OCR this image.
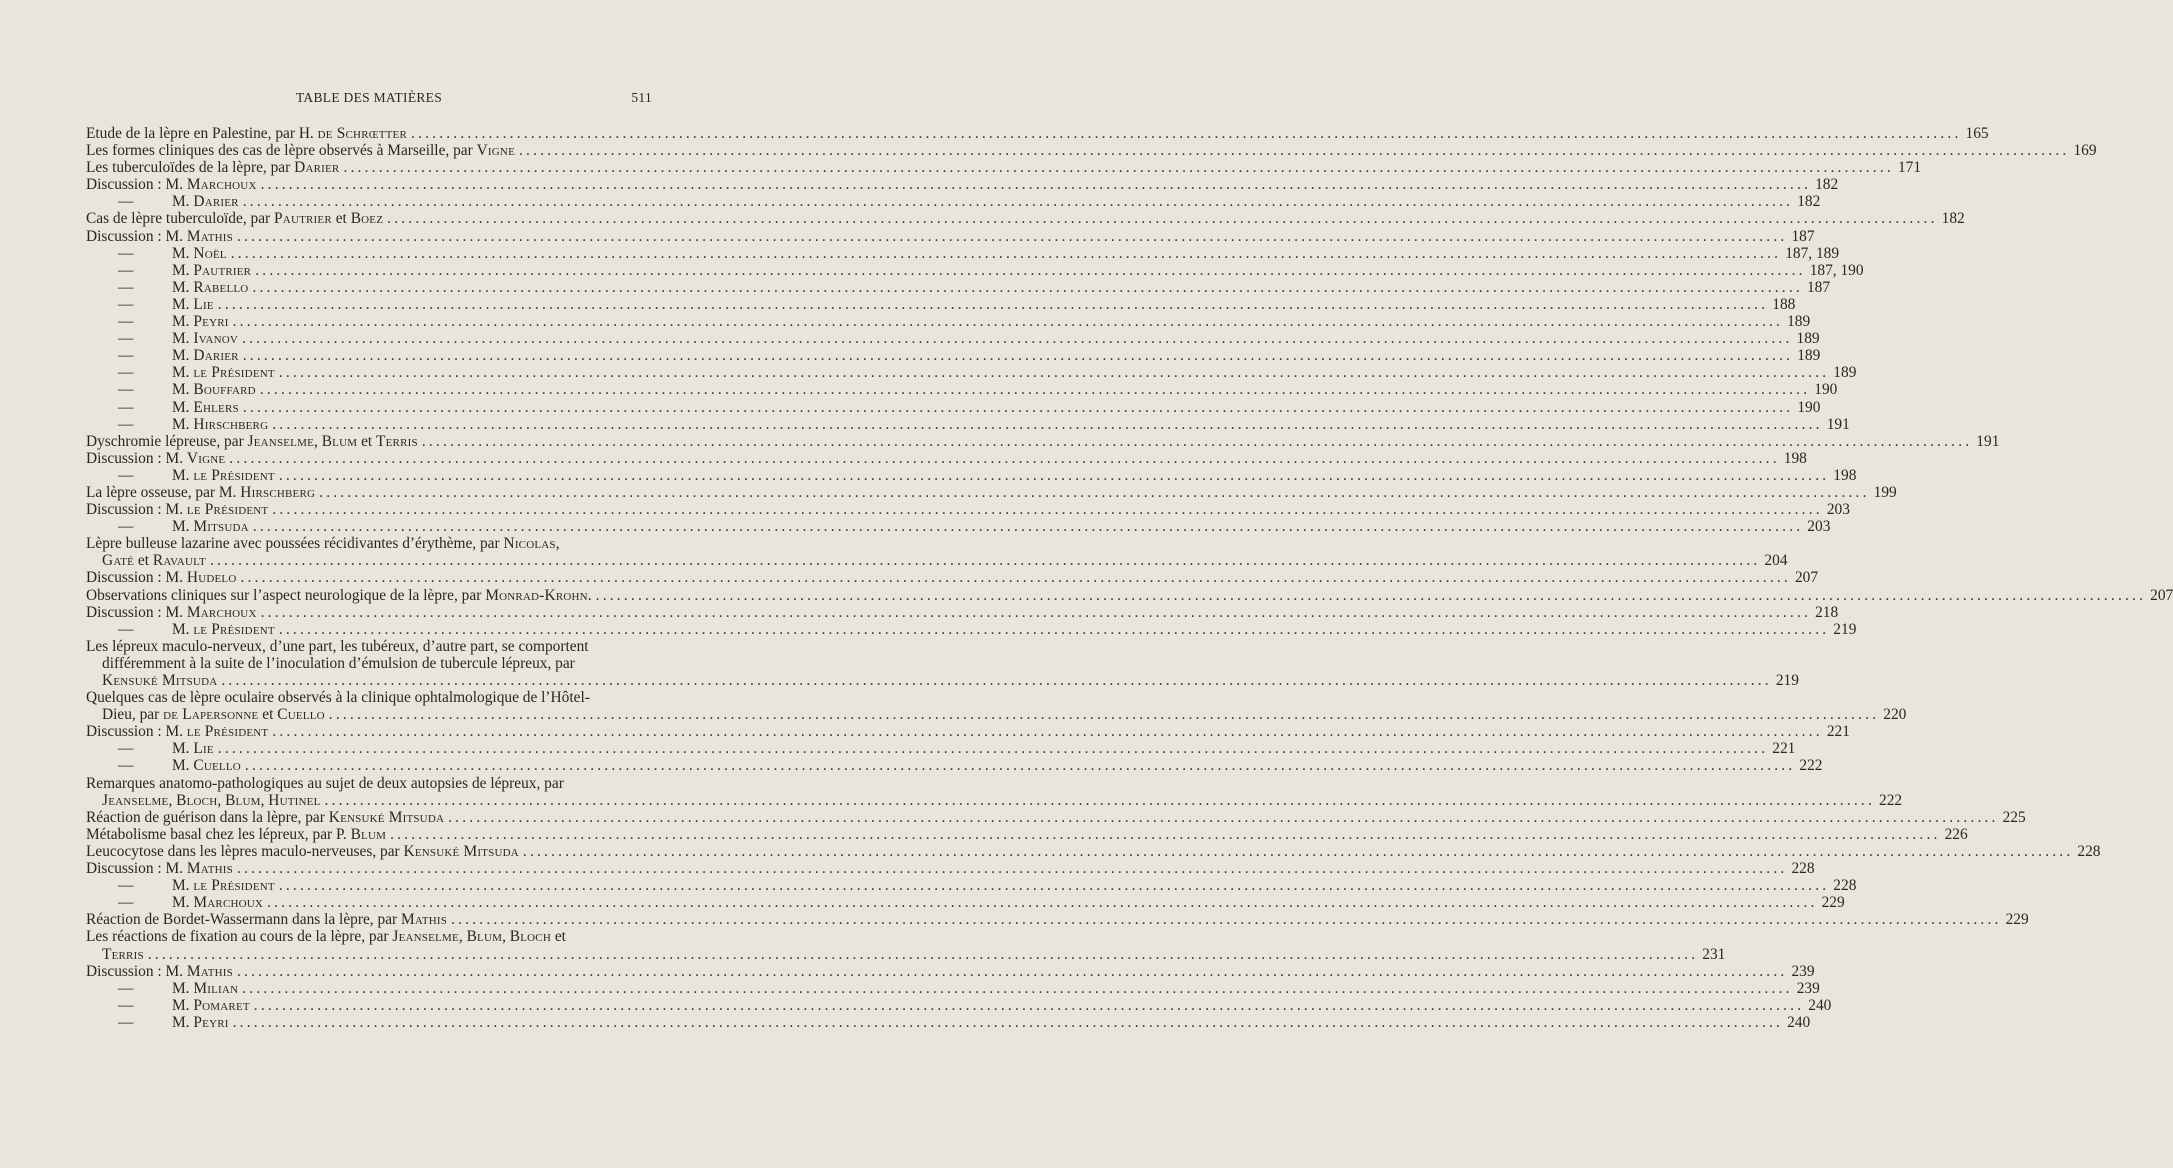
TABLE DES MATIÈRES	511
Etude de la lèpre en Palestine, par H. de Schrœtter ............................................................................................................................................................................................................................ 165
Les formes cliniques des cas de lèpre observés à Marseille, par Vigne ............................................................................................................................................................................................................................ 169
Les tuberculoïdes de la lèpre, par Darier ............................................................................................................................................................................................................................ 171
Discussion : M. Marchoux ............................................................................................................................................................................................................................ 182
—	M. Darier ............................................................................................................................................................................................................................ 182
Cas de lèpre tuberculoïde, par Pautrier et Boez ............................................................................................................................................................................................................................ 182
Discussion : M. Mathis ............................................................................................................................................................................................................................ 187
—	M. Noël ............................................................................................................................................................................................................................ 187, 189
—	M. Pautrier ............................................................................................................................................................................................................................ 187, 190
—	M. Rabello ............................................................................................................................................................................................................................ 187
—	M. Lie ............................................................................................................................................................................................................................ 188
—	M. Peyri ............................................................................................................................................................................................................................ 189
—	M. Ivanov ............................................................................................................................................................................................................................ 189
—	M. Darier ............................................................................................................................................................................................................................ 189
—	M. le Président ............................................................................................................................................................................................................................ 189
—	M. Bouffard ............................................................................................................................................................................................................................ 190
—	M. Ehlers ............................................................................................................................................................................................................................ 190
—	M. Hirschberg ............................................................................................................................................................................................................................ 191
Dyschromie lépreuse, par Jeanselme, Blum et Terris ............................................................................................................................................................................................................................ 191
Discussion : M. Vigne ............................................................................................................................................................................................................................ 198
—	M. le Président ............................................................................................................................................................................................................................ 198
La lèpre osseuse, par M. Hirschberg ............................................................................................................................................................................................................................ 199
Discussion : M. le Président ............................................................................................................................................................................................................................ 203
—	M. Mitsuda ............................................................................................................................................................................................................................ 203
Lèpre bulleuse lazarine avec poussées récidivantes d’érythème, par Nicolas,
Gaté et Ravault ............................................................................................................................................................................................................................ 204
Discussion : M. Hudelo ............................................................................................................................................................................................................................ 207
Observations cliniques sur l’aspect neurologique de la lèpre, par Monrad-Krohn. ............................................................................................................................................................................................................................ 207
Discussion : M. Marchoux ............................................................................................................................................................................................................................ 218
—	M. le Président ............................................................................................................................................................................................................................ 219
Les lépreux maculo-nerveux, d’une part, les tubéreux, d’autre part, se comportent
différemment à la suite de l’inoculation d’émulsion de tubercule lépreux, par
Kensuké Mitsuda ............................................................................................................................................................................................................................ 219
Quelques cas de lèpre oculaire observés à la clinique ophtalmologique de l’Hôtel-
Dieu, par de Lapersonne et Cuello ............................................................................................................................................................................................................................ 220
Discussion : M. le Président ............................................................................................................................................................................................................................ 221
—	M. Lie ............................................................................................................................................................................................................................ 221
—	M. Cuello ............................................................................................................................................................................................................................ 222
Remarques anatomo-pathologiques au sujet de deux autopsies de lépreux, par
Jeanselme, Bloch, Blum, Hutinel ............................................................................................................................................................................................................................ 222
Réaction de guérison dans la lèpre, par Kensuké Mitsuda ............................................................................................................................................................................................................................ 225
Métabolisme basal chez les lépreux, par P. Blum ............................................................................................................................................................................................................................ 226
Leucocytose dans les lèpres maculo-nerveuses, par Kensuké Mitsuda ............................................................................................................................................................................................................................ 228
Discussion : M. Mathis ............................................................................................................................................................................................................................ 228
—	M. le Président ............................................................................................................................................................................................................................ 228
—	M. Marchoux ............................................................................................................................................................................................................................ 229
Réaction de Bordet-Wassermann dans la lèpre, par Mathis ............................................................................................................................................................................................................................ 229
Les réactions de fixation au cours de la lèpre, par Jeanselme, Blum, Bloch et
Terris ............................................................................................................................................................................................................................ 231
Discussion : M. Mathis ............................................................................................................................................................................................................................ 239
—	M. Milian ............................................................................................................................................................................................................................ 239
—	M. Pomaret ............................................................................................................................................................................................................................ 240
—	M. Peyri ............................................................................................................................................................................................................................ 240
